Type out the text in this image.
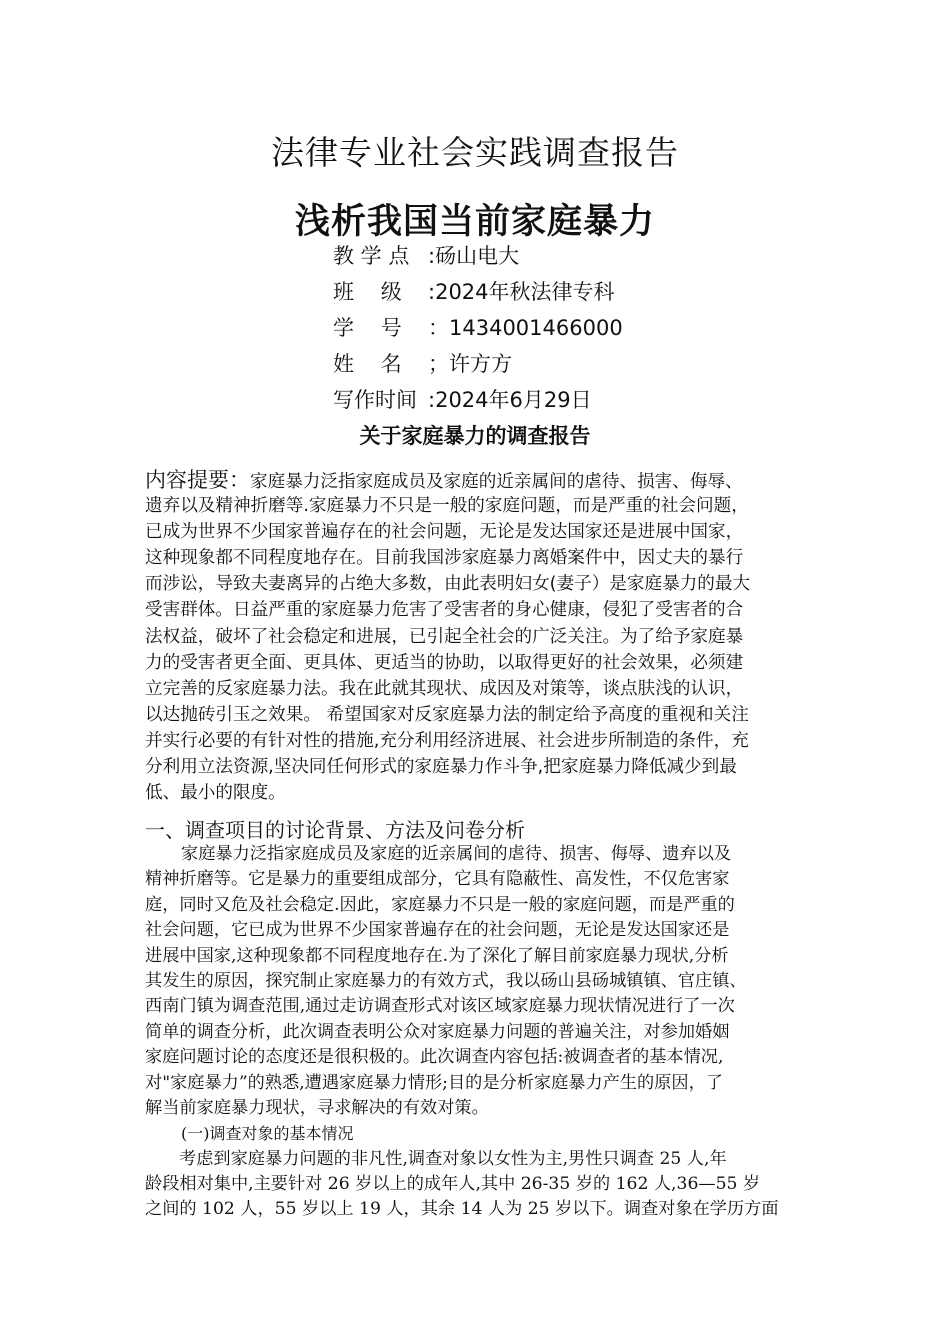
法律专业社会实践调查报告
浅析我国当前家庭暴力
教 学 点 :砀山电大
班    级 :2024年秋法律专科
学    号 ：1434001466000
姓    名 ；许方方
写作时间 :2024年6月29日
关于家庭暴力的调查报告
内容提要：家庭暴力泛指家庭成员及家庭的近亲属间的虐待、损害、侮辱、
遗弃以及精神折磨等.家庭暴力不只是一般的家庭问题，而是严重的社会问题，
已成为世界不少国家普遍存在的社会问题，无论是发达国家还是进展中国家，
这种现象都不同程度地存在。目前我国涉家庭暴力离婚案件中，因丈夫的暴行
而涉讼，导致夫妻离异的占绝大多数，由此表明妇女(妻子）是家庭暴力的最大
受害群体。日益严重的家庭暴力危害了受害者的身心健康，侵犯了受害者的合
法权益，破坏了社会稳定和进展，已引起全社会的广泛关注。为了给予家庭暴
力的受害者更全面、更具体、更适当的协助，以取得更好的社会效果，必须建
立完善的反家庭暴力法。我在此就其现状、成因及对策等，谈点肤浅的认识，
以达抛砖引玉之效果。 希望国家对反家庭暴力法的制定给予高度的重视和关注
并实行必要的有针对性的措施,充分利用经济进展、社会进步所制造的条件，充
分利用立法资源,坚决同任何形式的家庭暴力作斗争,把家庭暴力降低减少到最
低、最小的限度。
一、调查项目的讨论背景、方法及问卷分析
家庭暴力泛指家庭成员及家庭的近亲属间的虐待、损害、侮辱、遗弃以及
精神折磨等。它是暴力的重要组成部分，它具有隐蔽性、高发性，不仅危害家
庭，同时又危及社会稳定.因此，家庭暴力不只是一般的家庭问题，而是严重的
社会问题，它已成为世界不少国家普遍存在的社会问题，无论是发达国家还是
进展中国家,这种现象都不同程度地存在.为了深化了解目前家庭暴力现状,分析
其发生的原因，探究制止家庭暴力的有效方式，我以砀山县砀城镇镇、官庄镇、
西南门镇为调查范围,通过走访调查形式对该区域家庭暴力现状情况进行了一次
简单的调查分析，此次调查表明公众对家庭暴力问题的普遍关注，对参加婚姻
家庭问题讨论的态度还是很积极的。此次调查内容包括:被调查者的基本情况,
对"家庭暴力”的熟悉,遭遇家庭暴力情形;目的是分析家庭暴力产生的原因，了
解当前家庭暴力现状，寻求解决的有效对策。
(一)调查对象的基本情况
考虑到家庭暴力问题的非凡性,调查对象以女性为主,男性只调查 25 人,年
龄段相对集中,主要针对 26 岁以上的成年人,其中 26-35 岁的 162 人,36—55 岁
之间的 102 人，55 岁以上 19 人，其余 14 人为 25 岁以下。调查对象在学历方面
